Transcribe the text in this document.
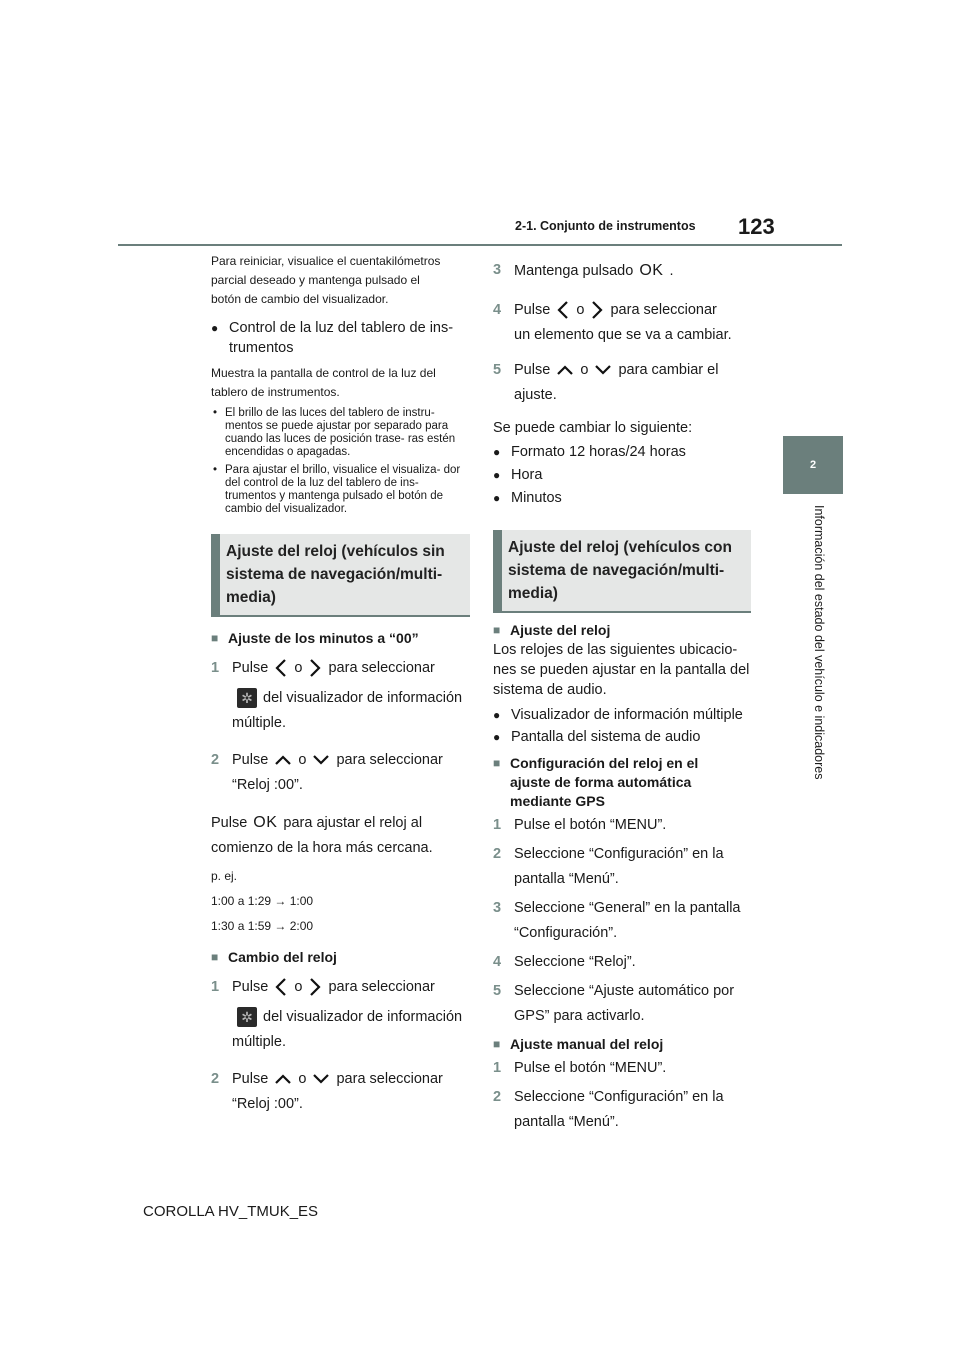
2-1. Conjunto de instrumentos 123
2
Información del estado del vehículo e indicadores

Para reiniciar, visualice el cuentakilómetros

parcial deseado y mantenga pulsado el

botón de cambio del visualizador.

● Control de la luz del tablero de ins-
trumentos

Muestra la pantalla de control de la luz del

tablero de instrumentos.

• El brillo de las luces del tablero de instru- mentos se puede ajustar por separado para cuando las luces de posición trase- ras estén encendidas o apagadas.

• Para ajustar el brillo, visualice el visualiza- dor del control de la luz del tablero de ins- trumentos y mantenga pulsado el botón de cambio del visualizador.

Ajuste del reloj (vehículos sin
sistema de navegación/multi-
media)

■ Ajuste de los minutos a “00”

1 Pulse o para seleccionar

✲ del visualizador de información

múltiple.

2 Pulse o para seleccionar

“Reloj :00”.

Pulse OK para ajustar el reloj al

comienzo de la hora más cercana.

p. ej.

1:00 a 1:29 → 1:00

1:30 a 1:59 → 2:00

■ Cambio del reloj

1 Pulse o para seleccionar

✲ del visualizador de información

múltiple.

2 Pulse o para seleccionar

“Reloj :00”.

3 Mantenga pulsado OK .

4 Pulse o para seleccionar

un elemento que se va a cambiar.

5 Pulse o para cambiar el

ajuste.

Se puede cambiar lo siguiente:

● Formato 12 horas/24 horas

● Hora

● Minutos

Ajuste del reloj (vehículos con
sistema de navegación/multi-
media)

■ Ajuste del reloj

Los relojes de las siguientes ubicacio-

nes se pueden ajustar en la pantalla del

sistema de audio.

● Visualizador de información múltiple

● Pantalla del sistema de audio

■ Configuración del reloj en el
ajuste de forma automática
mediante GPS

1 Pulse el botón “MENU”.

2 Seleccione “Configuración” en la
pantalla “Menú”.

3 Seleccione “General” en la pantalla
“Configuración”.

4 Seleccione “Reloj”.

5 Seleccione “Ajuste automático por
GPS” para activarlo.

■ Ajuste manual del reloj

1 Pulse el botón “MENU”.

2 Seleccione “Configuración” en la
pantalla “Menú”.

COROLLA HV_TMUK_ES
